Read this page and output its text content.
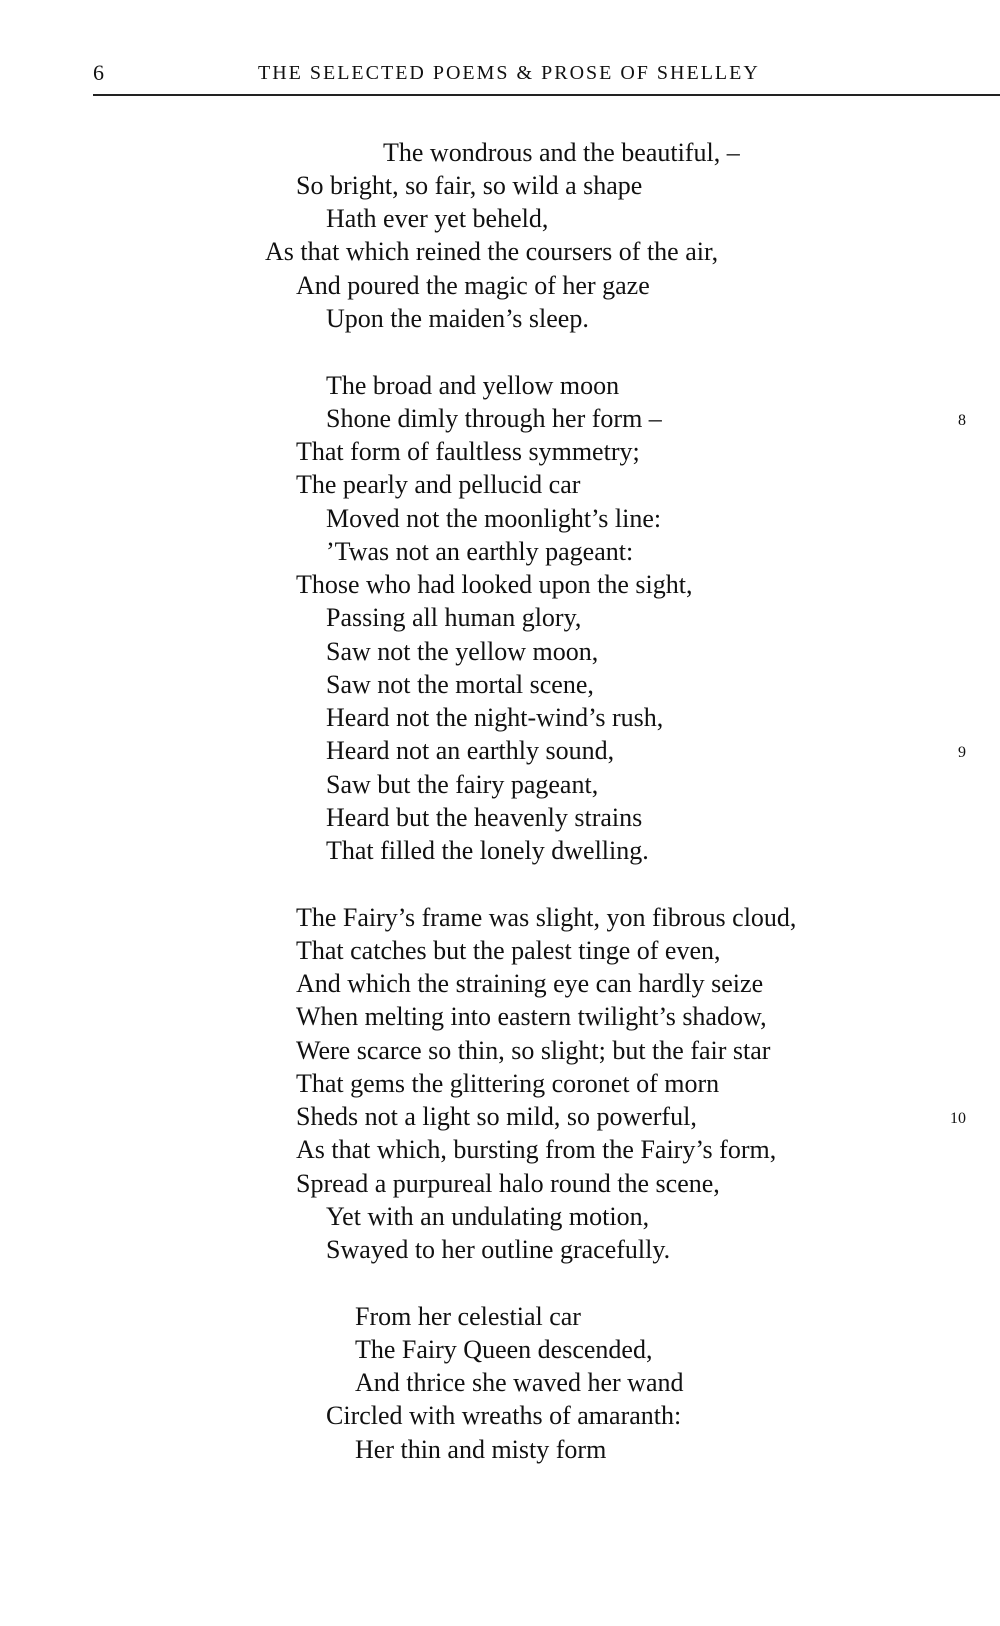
6	THE SELECTED POEMS & PROSE OF SHELLEY
The wondrous and the beautiful, –
So bright, so fair, so wild a shape
Hath ever yet beheld,
As that which reined the coursers of the air,
And poured the magic of her gaze
Upon the maiden’s sleep.
The broad and yellow moon
Shone dimly through her form –
That form of faultless symmetry;
The pearly and pellucid car
Moved not the moonlight’s line:
’Twas not an earthly pageant:
Those who had looked upon the sight,
Passing all human glory,
Saw not the yellow moon,
Saw not the mortal scene,
Heard not the night-wind’s rush,
Heard not an earthly sound,
Saw but the fairy pageant,
Heard but the heavenly strains
That filled the lonely dwelling.
The Fairy’s frame was slight, yon fibrous cloud,
That catches but the palest tinge of even,
And which the straining eye can hardly seize
When melting into eastern twilight’s shadow,
Were scarce so thin, so slight; but the fair star
That gems the glittering coronet of morn
Sheds not a light so mild, so powerful,
As that which, bursting from the Fairy’s form,
Spread a purpureal halo round the scene,
Yet with an undulating motion,
Swayed to her outline gracefully.
From her celestial car
The Fairy Queen descended,
And thrice she waved her wand
Circled with wreaths of amaranth:
Her thin and misty form
8
9
10
